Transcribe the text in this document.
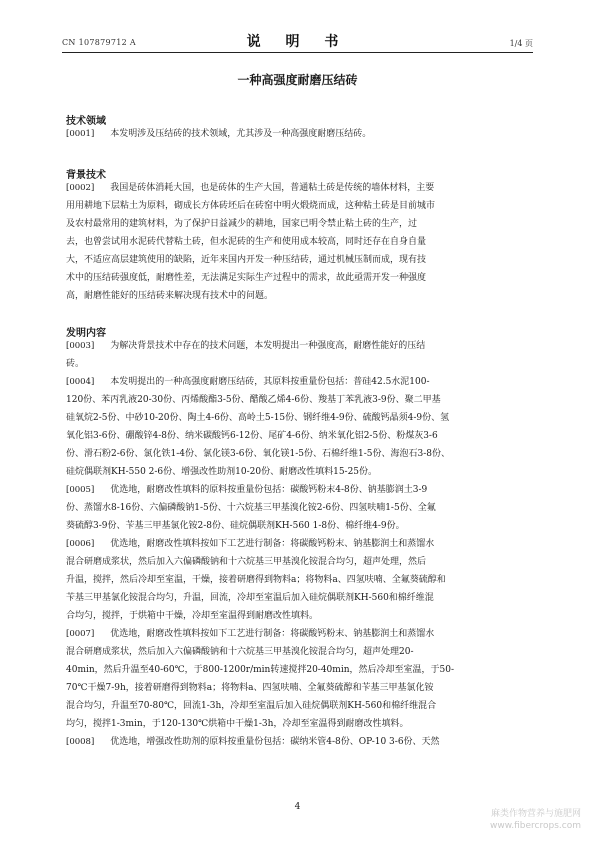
CN 107879712 A	说 明 书	1/4 页
一种高强度耐磨压结砖
技术领域
[0001] 本发明涉及压结砖的技术领域，尤其涉及一种高强度耐磨压结砖。
背景技术
[0002] 我国是砖体消耗大国，也是砖体的生产大国，普通粘土砖是传统的墙体材料，主要
用用耕地下层粘土为原料，砌成长方体砖坯后在砖窑中明火煅烧而成，这种粘土砖是目前城市
及农村最常用的建筑材料，为了保护日益减少的耕地，国家已明令禁止粘土砖的生产，过
去，也曾尝试用水泥砖代替粘土砖，但水泥砖的生产和使用成本较高，同时还存在自身自量
大，不适应高层建筑使用的缺陷，近年来国内开发一种压结砖，通过机械压制而成，现有技
术中的压结砖强度低，耐磨性差，无法满足实际生产过程中的需求，故此亟需开发一种强度
高，耐磨性能好的压结砖来解决现有技术中的问题。
发明内容
[0003] 为解决背景技术中存在的技术问题，本发明提出一种强度高，耐磨性能好的压结
砖。
[0004] 本发明提出的一种高强度耐磨压结砖，其原料按重量份包括：普硅42.5水泥100-
120份、苯丙乳液20-30份、丙烯酸酯3-5份、醋酸乙烯4-6份、羧基丁苯乳液3-9份、聚二甲基
硅氧烷2-5份、中砂10-20份、陶土4-6份、高岭土5-15份、钢纤维4-9份、硫酸钙晶须4-9份、氢
氧化铝3-6份、硼酸锌4-8份、纳米碳酸钙6-12份、尾矿4-6份、纳米氧化铝2-5份、粉煤灰3-6
份、滑石粉2-6份、氯化铁1-4份、氯化镁3-6份、氧化镁1-5份、石棉纤维1-5份、海泡石3-8份、
硅烷偶联剂KH-550 2-6份、增强改性助剂10-20份、耐磨改性填料15-25份。
[0005] 优选地，耐磨改性填料的原料按重量份包括：碳酸钙粉末4-8份、钠基膨润土3-9
份、蒸馏水8-16份、六偏磷酸钠1-5份、十六烷基三甲基溴化铵2-6份、四氢呋喃1-5份、全氟
葵硫醇3-9份、苄基三甲基氯化铵2-8份、硅烷偶联剂KH-560 1-8份、棉纤维4-9份。
[0006] 优选地，耐磨改性填料按如下工艺进行制备：将碳酸钙粉末、钠基膨润土和蒸馏水
混合研磨成浆状，然后加入六偏磷酸钠和十六烷基三甲基溴化铵混合均匀，超声处理，然后
升温，搅拌，然后冷却至室温，干燥，接着研磨得到物料a；将物料a、四氢呋喃、全氟葵硫醇和
苄基三甲基氯化铵混合均匀，升温，回流，冷却至室温后加入硅烷偶联剂KH-560和棉纤维混
合均匀，搅拌，于烘箱中干燥，冷却至室温得到耐磨改性填料。
[0007] 优选地，耐磨改性填料按如下工艺进行制备：将碳酸钙粉末、钠基膨润土和蒸馏水
混合研磨成浆状，然后加入六偏磷酸钠和十六烷基三甲基溴化铵混合均匀，超声处理20-
40min，然后升温至40-60℃，于800-1200r/min转速搅拌20-40min，然后冷却至室温，于50-
70℃干燥7-9h，接着研磨得到物料a；将物料a、四氢呋喃、全氟葵硫醇和苄基三甲基氯化铵
混合均匀，升温至70-80℃，回流1-3h，冷却至室温后加入硅烷偶联剂KH-560和棉纤维混合
均匀，搅拌1-3min，于120-130℃烘箱中干燥1-3h，冷却至室温得到耐磨改性填料。
[0008] 优选地，增强改性助剂的原料按重量份包括：碳纳米管4-8份、OP-10 3-6份、天然
4
麻类作物营养与施肥网
www.fibercrops.com
